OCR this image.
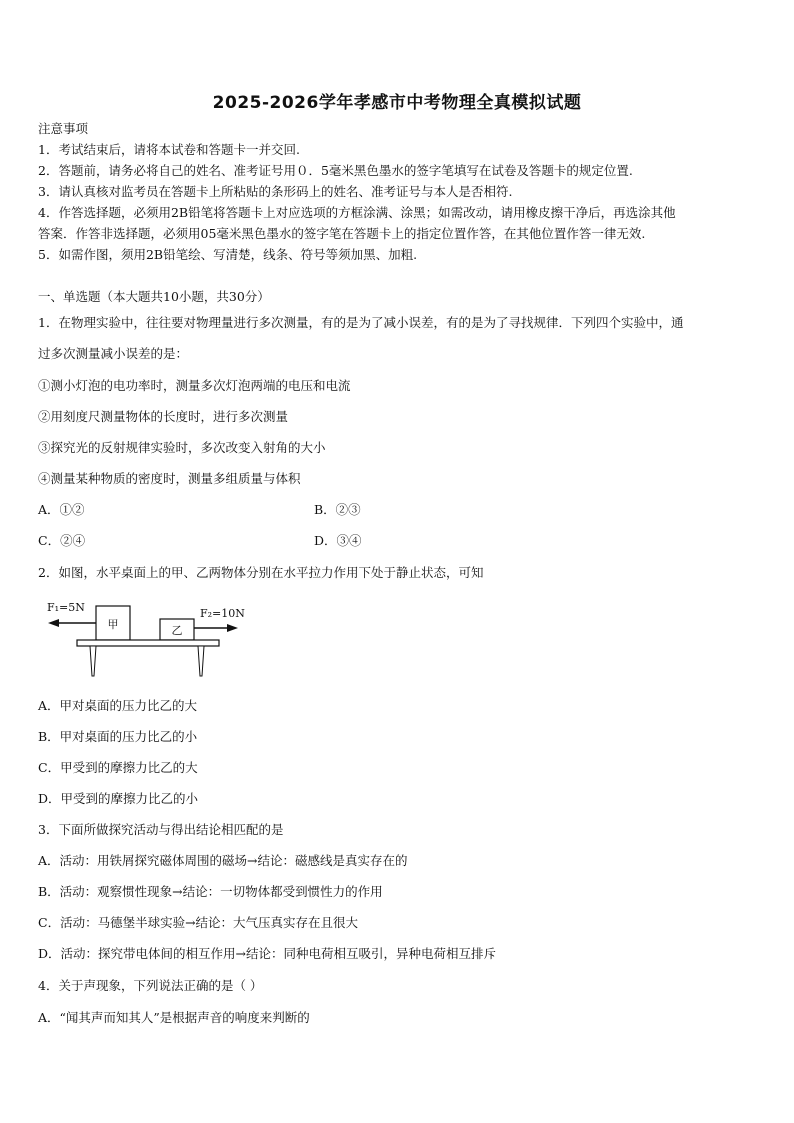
2025-2026学年孝感市中考物理全真模拟试题
注意事项
1．考试结束后，请将本试卷和答题卡一并交回.
2．答题前，请务必将自己的姓名、准考证号用０．5毫米黑色墨水的签字笔填写在试卷及答题卡的规定位置.
3．请认真核对监考员在答题卡上所粘贴的条形码上的姓名、准考证号与本人是否相符.
4．作答选择题，必须用2B铅笔将答题卡上对应选项的方框涂满、涂黑；如需改动，请用橡皮擦干净后，再选涂其他
答案．作答非选择题，必须用05毫米黑色墨水的签字笔在答题卡上的指定位置作答，在其他位置作答一律无效.
5．如需作图，须用2B铅笔绘、写清楚，线条、符号等须加黑、加粗.
一、单选题（本大题共10小题，共30分）
1．在物理实验中，往往要对物理量进行多次测量，有的是为了减小误差，有的是为了寻找规律．下列四个实验中，通
过多次测量减小误差的是：
①测小灯泡的电功率时，测量多次灯泡两端的电压和电流
②用刻度尺测量物体的长度时，进行多次测量
③探究光的反射规律实验时，多次改变入射角的大小
④测量某种物质的密度时，测量多组质量与体积
A．①②	B．②③
C．②④	D．③④
2．如图，水平桌面上的甲、乙两物体分别在水平拉力作用下处于静止状态，可知
甲	乙
F₁=5N	F₂=10N
A．甲对桌面的压力比乙的大
B．甲对桌面的压力比乙的小
C．甲受到的摩擦力比乙的大
D．甲受到的摩擦力比乙的小
3．下面所做探究活动与得出结论相匹配的是
A．活动：用铁屑探究磁体周围的磁场→结论：磁感线是真实存在的
B．活动：观察惯性现象→结论：一切物体都受到惯性力的作用
C．活动：马德堡半球实验→结论：大气压真实存在且很大
D．活动：探究带电体间的相互作用→结论：同种电荷相互吸引，异种电荷相互排斥
4．关于声现象，下列说法正确的是（ ）
A．“闻其声而知其人”是根据声音的响度来判断的
